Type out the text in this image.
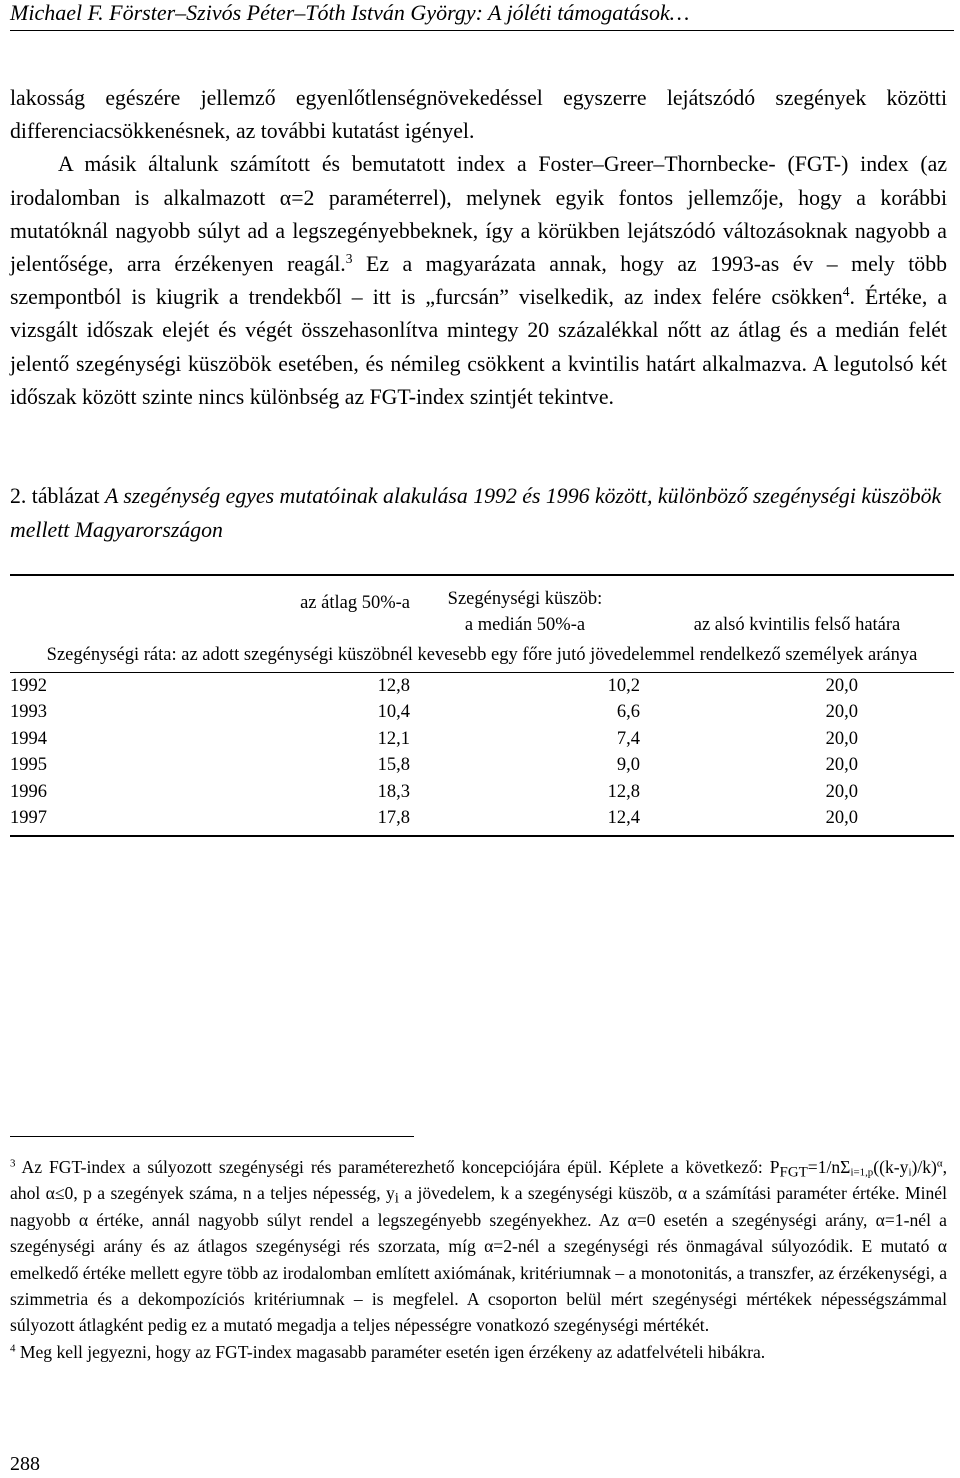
Michael F. Förster–Szivós Péter–Tóth István György: A jóléti támogatások…

lakosság egészére jellemző egyenlőtlenségnövekedéssel egyszerre lejátszódó szegények közötti differenciacsökkenésnek, az további kutatást igényel.

A másik általunk számított és bemutatott index a Foster–Greer–Thornbecke- (FGT-) index (az irodalomban is alkalmazott α=2 paraméterrel), melynek egyik fontos jellemzője, hogy a korábbi mutatóknál nagyobb súlyt ad a legszegényebbeknek, így a körükben lejátszódó változásoknak nagyobb a jelentősége, arra érzékenyen reagál.$^3$ Ez a magyarázata annak, hogy az 1993-as év – mely több szempontból is kiugrik a trendekből – itt is „furcsán” viselkedik, az index felére csökken$^4$. Értéke, a vizsgált időszak elejét és végét összehasonlítva mintegy 20 százalékkal nőtt az átlag és a medián felét jelentő szegénységi küszöbök esetében, és némileg csökkent a kvintilis határt alkalmazva. A legutolsó két időszak között szinte nincs különbség az FGT-index szintjét tekintve.

2. táblázat A szegénység egyes mutatóinak alakulása 1992 és 1996 között, különböző szegénységi küszöbök mellett Magyarországon

	az átlag 50%-a	Szegénységi küszöb:
a medián 50%-a	az alsó kvintilis felső határa
Szegénységi ráta: az adott szegénységi küszöbnél kevesebb egy főre jutó jövedelemmel rendelkező személyek aránya			
1992	12,8	10,2	20,0
1993	10,4	6,6	20,0
1994	12,1	7,4	20,0
1995	15,8	9,0	20,0
1996	18,3	12,8	20,0
1997	17,8	12,4	20,0

$^3$ Az FGT-index a súlyozott szegénységi rés paraméterezhető koncepciójára épül. Képlete a következő: $P_{FGT}=1/n\Sigma i=1,p((k-yi)/k)^\alpha$, ahol α≤0, p a szegények száma, n a teljes népesség, $y_i$ a jövedelem, k a szegénységi küszöb, α a számítási paraméter értéke. Minél nagyobb α értéke, annál nagyobb súlyt rendel a legszegényebb szegényekhez. Az α=0 esetén a szegénységi arány, α=1-nél a szegénységi arány és az átlagos szegénységi rés szorzata, míg α=2-nél a szegénységi rés önmagával súlyozódik. E mutató α emelkedő értéke mellett egyre több az irodalomban említett axiómának, kritériumnak – a monotonitás, a transzfer, az érzékenységi, a szimmetria és a dekompozíciós kritériumnak – is megfelel. A csoporton belül mért szegénységi mértékek népességszámmal súlyozott átlagként pedig ez a mutató megadja a teljes népességre vonatkozó szegénységi mértékét.

$^4$ Meg kell jegyezni, hogy az FGT-index magasabb paraméter esetén igen érzékeny az adatfelvételi hibákra.

288
